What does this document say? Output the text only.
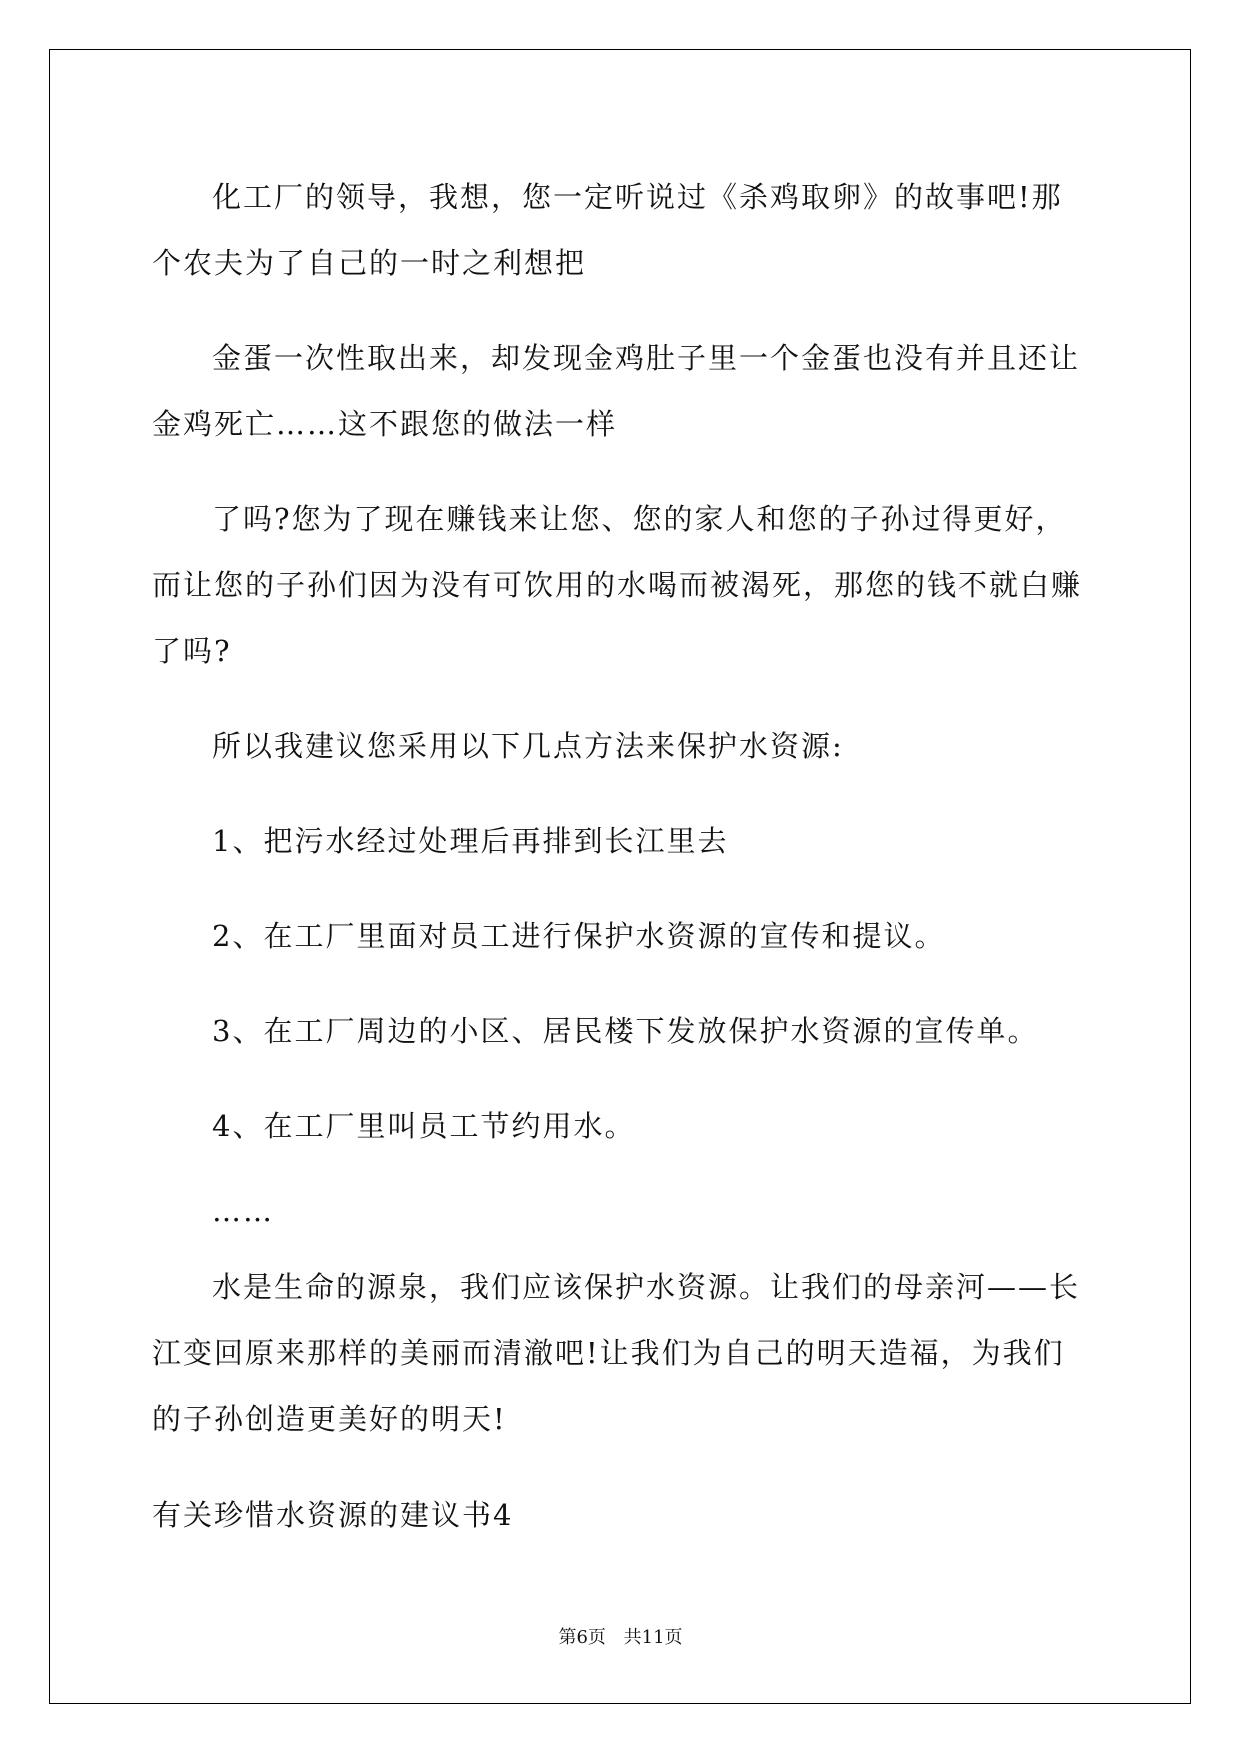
化工厂的领导，我想，您一定听说过《杀鸡取卵》的故事吧!那个农夫为了自己的一时之利想把

金蛋一次性取出来，却发现金鸡肚子里一个金蛋也没有并且还让金鸡死亡……这不跟您的做法一样

了吗?您为了现在赚钱来让您、您的家人和您的子孙过得更好，而让您的子孙们因为没有可饮用的水喝而被渴死，那您的钱不就白赚了吗?

所以我建议您采用以下几点方法来保护水资源:

1、把污水经过处理后再排到长江里去

2、在工厂里面对员工进行保护水资源的宣传和提议。

3、在工厂周边的小区、居民楼下发放保护水资源的宣传单。

4、在工厂里叫员工节约用水。

……

水是生命的源泉，我们应该保护水资源。让我们的母亲河——长江变回原来那样的美丽而清澈吧!让我们为自己的明天造福，为我们的子孙创造更美好的明天!

有关珍惜水资源的建议书4

第6页 共11页
